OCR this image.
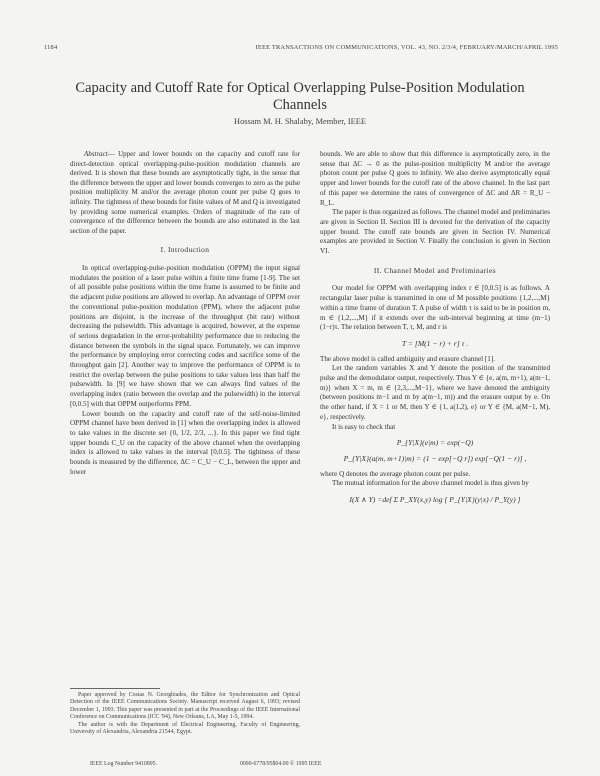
1184	IEEE TRANSACTIONS ON COMMUNICATIONS, VOL. 43, NO. 2/3/4, FEBRUARY/MARCH/APRIL 1995
Capacity and Cutoff Rate for Optical Overlapping Pulse-Position Modulation Channels
Hossam M. H. Shalaby, Member, IEEE

Abstract— Upper and lower bounds on the capacity and cutoff rate for direct-detection optical overlapping-pulse-position modulation channels are derived. It is shown that these bounds are asymptotically tight, in the sense that the difference between the upper and lower bounds converges to zero as the pulse position multiplicity M and/or the average photon count per pulse Q goes to infinity. The tightness of these bounds for finite values of M and Q is investigated by providing some numerical examples. Orders of magnitude of the rate of convergence of the difference between the bounds are also estimated in the last section of the paper.

I. Introduction

In optical overlapping-pulse-position modulation (OPPM) the input signal modulates the position of a laser pulse within a finite time frame [1-9]. The set of all possible pulse positions within the time frame is assumed to be finite and the adjacent pulse positions are allowed to overlap. An advantage of OPPM over the conventional pulse-position modulation (PPM), where the adjacent pulse positions are disjoint, is the increase of the throughput (bit rate) without decreasing the pulsewidth. This advantage is acquired, however, at the expense of serious degradation in the error-probability performance due to reducing the distance between the symbols in the signal space. Fortunately, we can improve the performance by employing error correcting codes and sacrifice some of the throughput gain [2]. Another way to improve the performance of OPPM is to restrict the overlap between the pulse positions to take values less than half the pulsewidth. In [9] we have shown that we can always find values of the overlapping index (ratio between the overlap and the pulsewidth) in the interval [0,0.5] with that OPPM outperforms PPM.

Lower bounds on the capacity and cutoff rate of the self-noise-limited OPPM channel have been derived in [1] when the overlapping index is allowed to take values in the discrete set {0, 1/2, 2/3, ...}. In this paper we find tight upper bounds C_U on the capacity of the above channel when the overlapping index is allowed to take values in the interval [0,0.5]. The tightness of these bounds is measured by the difference, ΔC = C_U − C_L, between the upper and lower

Paper approved by Costas N. Georghiades, the Editor for Synchronization and Optical Detection of the IEEE Communications Society. Manuscript received August 6, 1993; revised December 1, 1993. This paper was presented in part at the Proceedings of the IEEE International Conference on Communications (ICC '94), New Orleans, LA, May 1-5, 1994.

The author is with the Department of Electrical Engineering, Faculty of Engineering, University of Alexandria, Alexandria 21544, Egypt.

bounds. We are able to show that this difference is asymptotically zero, in the sense that ΔC → 0 as the pulse-position multiplicity M and/or the average photon count per pulse Q goes to infinity. We also derive asymptotically equal upper and lower bounds for the cutoff rate of the above channel. In the last part of this paper we determine the rates of convergence of ΔC and ΔR = R_U − R_L.

The paper is thus organized as follows. The channel model and preliminaries are given in Section II. Section III is devoted for the derivation of the capacity upper bound. The cutoff rate bounds are given in Section IV. Numerical examples are provided in Section V. Finally the conclusion is given in Section VI.

II. Channel Model and Preliminaries

Our model for OPPM with overlapping index r ∈ [0,0.5] is as follows. A rectangular laser pulse is transmitted in one of M possible positions {1,2,...,M} within a time frame of duration T. A pulse of width τ is said to be in position m, m ∈ {1,2,...,M} if it extends over the sub-interval beginning at time (m−1)(1−r)τ. The relation between T, τ, M, and r is

T = [M(1 − r) + r] τ .

The above model is called ambiguity and erasure channel [1].

Let the random variables X and Y denote the position of the transmitted pulse and the demodulator output, respectively. Thus Y ∈ {e, a(m, m+1), a(m−1, m)} when X = m, m ∈ {2,3,...,M−1}, where we have denoted the ambiguity (between positions m−1 and m by a(m−1, m)) and the erasure output by e. On the other hand, if X = 1 or M, then Y ∈ {1, a(1,2), e} or Y ∈ {M, a(M−1, M), e}, respectively.

It is easy to check that

P_{Y|X}(e|m) = exp(−Q)
P_{Y|X}(a(m, m+1)|m) = (1 − exp[−Q r]) exp[−Q(1 − r)] ,

where Q denotes the average photon count per pulse.

The mutual information for the above channel model is thus given by

I(X ∧ Y) =def Σ P_XY(x,y) log [ P_{Y|X}(y|x) / P_Y(y) ]
IEEE Log Number 9410895.	0090-6778/95$04.00 © 1995 IEEE
